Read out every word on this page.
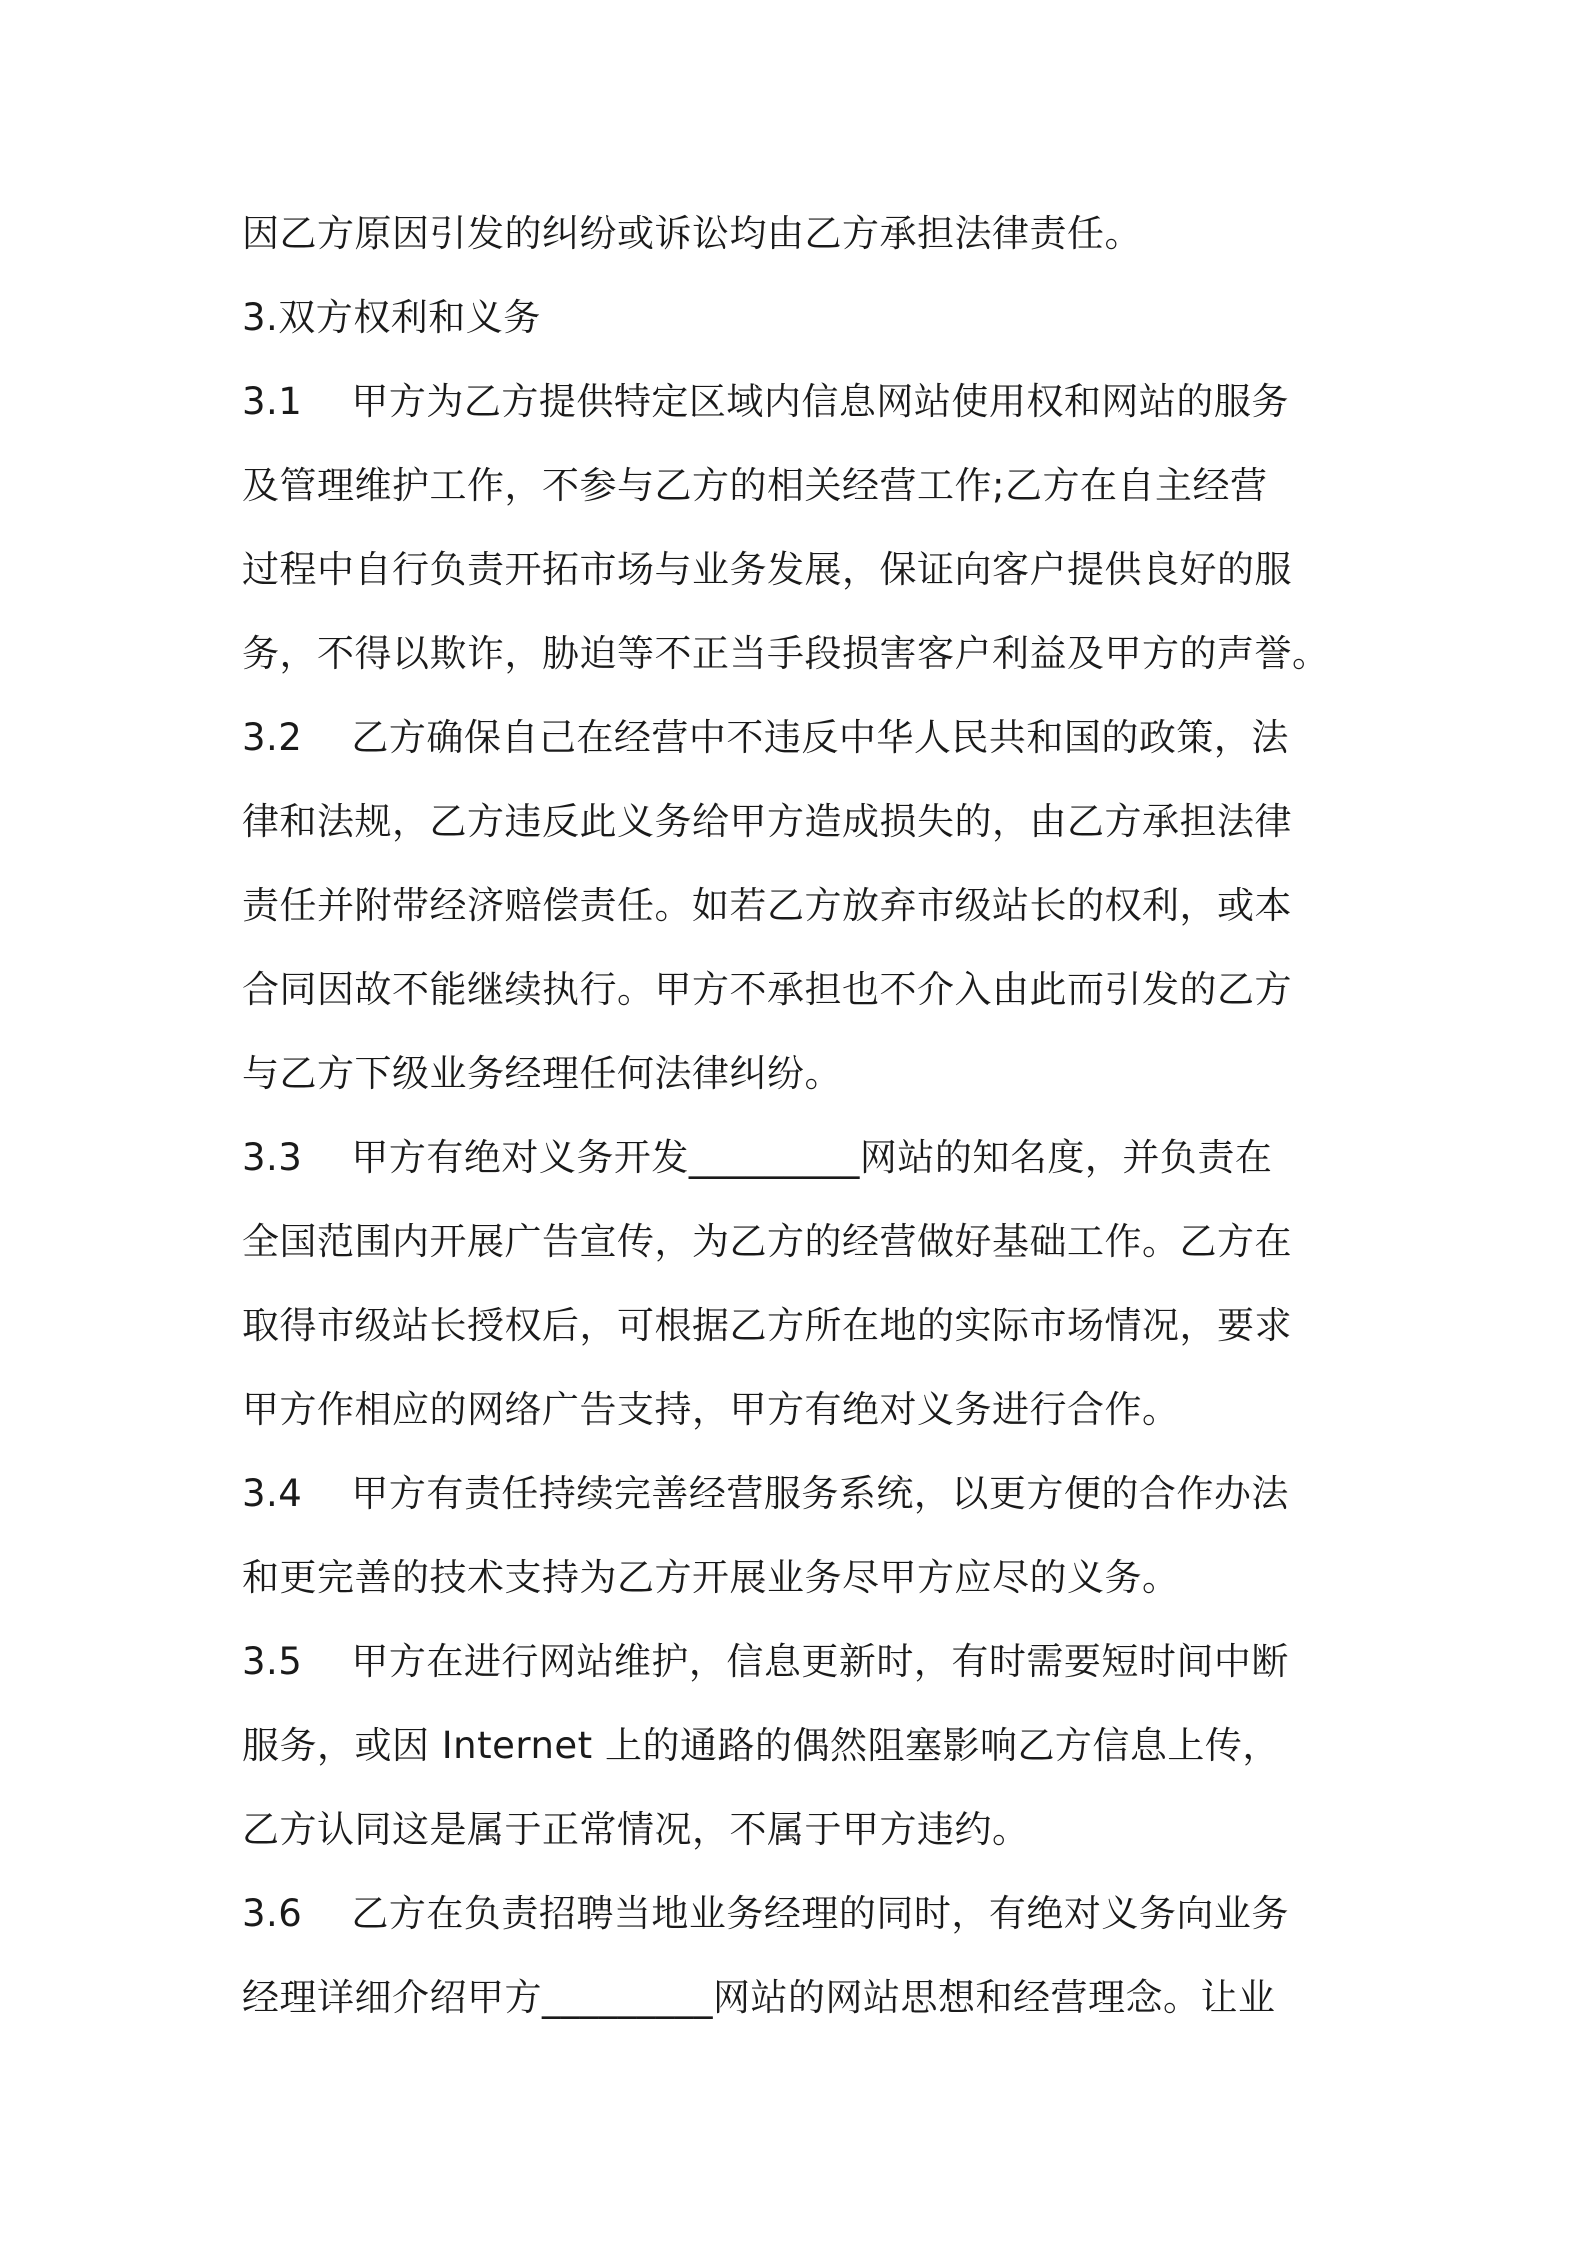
因乙方原因引发的纠纷或诉讼均由乙方承担法律责任。
3.双方权利和义务
3.1    甲方为乙方提供特定区域内信息网站使用权和网站的服务
及管理维护工作，不参与乙方的相关经营工作;乙方在自主经营
过程中自行负责开拓市场与业务发展，保证向客户提供良好的服
务，不得以欺诈，胁迫等不正当手段损害客户利益及甲方的声誉。
3.2    乙方确保自己在经营中不违反中华人民共和国的政策，法
律和法规，乙方违反此义务给甲方造成损失的，由乙方承担法律
责任并附带经济赔偿责任。如若乙方放弃市级站长的权利，或本
合同因故不能继续执行。甲方不承担也不介入由此而引发的乙方
与乙方下级业务经理任何法律纠纷。
3.3    甲方有绝对义务开发_________网站的知名度，并负责在
全国范围内开展广告宣传，为乙方的经营做好基础工作。乙方在
取得市级站长授权后，可根据乙方所在地的实际市场情况，要求
甲方作相应的网络广告支持，甲方有绝对义务进行合作。
3.4    甲方有责任持续完善经营服务系统，以更方便的合作办法
和更完善的技术支持为乙方开展业务尽甲方应尽的义务。
3.5    甲方在进行网站维护，信息更新时，有时需要短时间中断
服务，或因 Internet 上的通路的偶然阻塞影响乙方信息上传，
乙方认同这是属于正常情况，不属于甲方违约。
3.6    乙方在负责招聘当地业务经理的同时，有绝对义务向业务
经理详细介绍甲方_________网站的网站思想和经营理念。让业
